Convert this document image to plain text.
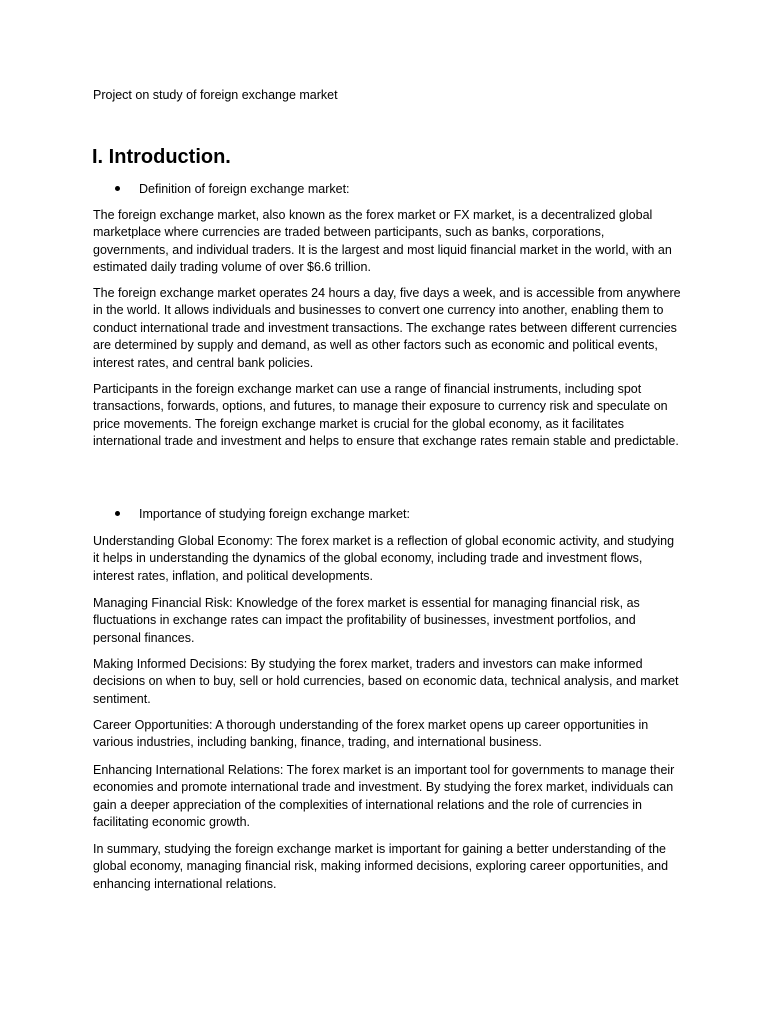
Project on study of foreign exchange market
I. Introduction.
Definition of foreign exchange market:

The foreign exchange market, also known as the forex market or FX market, is a decentralized global marketplace where currencies are traded between participants, such as banks, corporations, governments, and individual traders. It is the largest and most liquid financial market in the world, with an estimated daily trading volume of over $6.6 trillion.

The foreign exchange market operates 24 hours a day, five days a week, and is accessible from anywhere in the world. It allows individuals and businesses to convert one currency into another, enabling them to conduct international trade and investment transactions. The exchange rates between different currencies are determined by supply and demand, as well as other factors such as economic and political events, interest rates, and central bank policies.

Participants in the foreign exchange market can use a range of financial instruments, including spot transactions, forwards, options, and futures, to manage their exposure to currency risk and speculate on price movements. The foreign exchange market is crucial for the global economy, as it facilitates international trade and investment and helps to ensure that exchange rates remain stable and predictable.

Importance of studying foreign exchange market:

Understanding Global Economy: The forex market is a reflection of global economic activity, and studying it helps in understanding the dynamics of the global economy, including trade and investment flows, interest rates, inflation, and political developments.

Managing Financial Risk: Knowledge of the forex market is essential for managing financial risk, as fluctuations in exchange rates can impact the profitability of businesses, investment portfolios, and personal finances.

Making Informed Decisions: By studying the forex market, traders and investors can make informed decisions on when to buy, sell or hold currencies, based on economic data, technical analysis, and market sentiment.

Career Opportunities: A thorough understanding of the forex market opens up career opportunities in various industries, including banking, finance, trading, and international business.

Enhancing International Relations: The forex market is an important tool for governments to manage their economies and promote international trade and investment. By studying the forex market, individuals can gain a deeper appreciation of the complexities of international relations and the role of currencies in facilitating economic growth.

In summary, studying the foreign exchange market is important for gaining a better understanding of the global economy, managing financial risk, making informed decisions, exploring career opportunities, and enhancing international relations.
